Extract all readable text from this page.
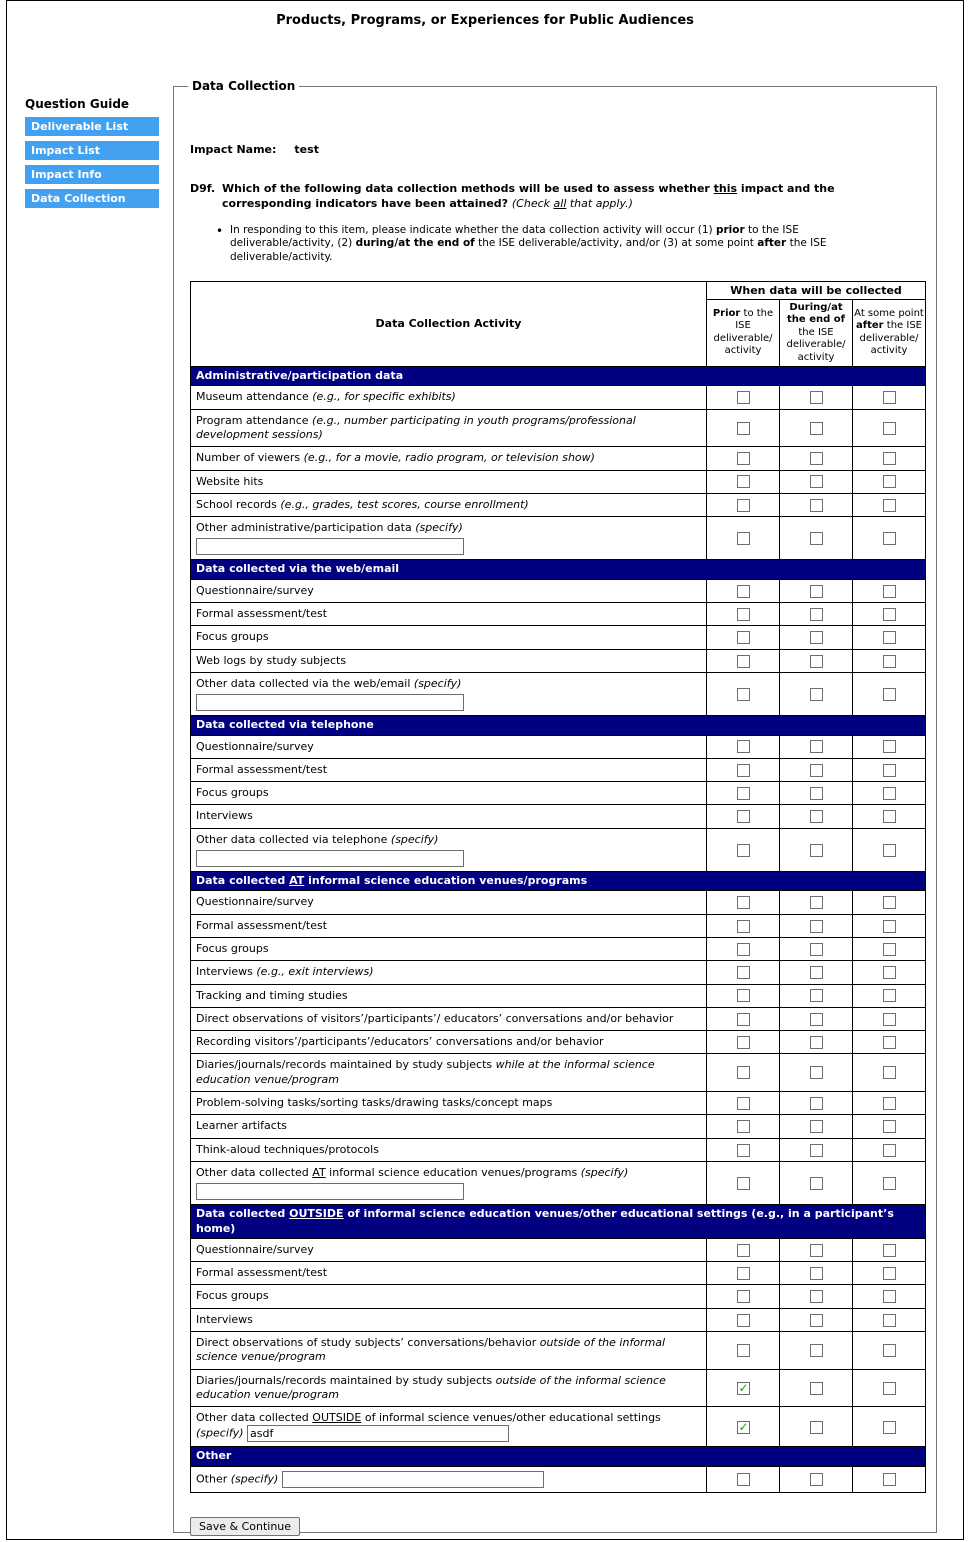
Products, Programs, or Experiences for Public Audiences
Question Guide
Deliverable List
Impact List
Impact Info
Data Collection
Data Collection
Impact Name: test
D9f. Which of the following data collection methods will be used to assess whether this impact and the corresponding indicators have been attained? (Check all that apply.)
• In responding to this item, please indicate whether the data collection activity will occur (1) prior to the ISE deliverable/activity, (2) during/at the end of the ISE deliverable/activity, and/or (3) at some point after the ISE deliverable/activity.
Data Collection Activity	When data will be collected		
	Prior to the ISE deliverable/ activity	During/at the end of the ISE deliverable/ activity	At some point after the ISE deliverable/ activity
Administrative/participation data			
Museum attendance (e.g., for specific exhibits)			
Program attendance (e.g., number participating in youth programs/professional development sessions)			
Number of viewers (e.g., for a movie, radio program, or television show)			
Website hits			
School records (e.g., grades, test scores, course enrollment)			
Other administrative/participation data (specify)

Data collected via the web/email			
Questionnaire/survey			
Formal assessment/test			
Focus groups			
Web logs by study subjects			
Other data collected via the web/email (specify)

Data collected via telephone			
Questionnaire/survey			
Formal assessment/test			
Focus groups			
Interviews			
Other data collected via telephone (specify)

Data collected AT informal science education venues/programs			
Questionnaire/survey			
Formal assessment/test			
Focus groups			
Interviews (e.g., exit interviews)			
Tracking and timing studies			
Direct observations of visitors’/participants’/ educators’ conversations and/or behavior			
Recording visitors’/participants’/educators’ conversations and/or behavior			
Diaries/journals/records maintained by study subjects while at the informal science education venue/program			
Problem-solving tasks/sorting tasks/drawing tasks/concept maps			
Learner artifacts			
Think-aloud techniques/protocols			
Other data collected AT informal science education venues/programs (specify)

Data collected OUTSIDE of informal science education venues/other educational settings (e.g., in a participant’s home)			
Questionnaire/survey			
Formal assessment/test			
Focus groups			
Interviews			
Direct observations of study subjects’ conversations/behavior outside of the informal science venue/program			
Diaries/journals/records maintained by study subjects outside of the informal science education venue/program	✓		
Other data collected OUTSIDE of informal science venues/other educational settings
(specify) asdf	✓		
Other			
Other (specify)			
Save & Continue
